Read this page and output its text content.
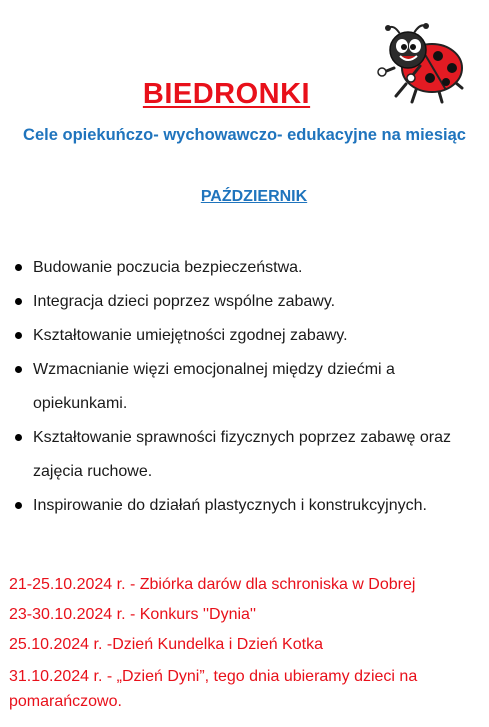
BIEDRONKI
Cele opiekuńczo- wychowawczo- edukacyjne na miesiąc
PAŹDZIERNIK
Budowanie poczucia bezpieczeństwa.
Integracja dzieci poprzez wspólne zabawy.
Kształtowanie umiejętności zgodnej zabawy.
Wzmacnianie więzi emocjonalnej między dziećmi a opiekunkami.
Kształtowanie sprawności fizycznych poprzez zabawę oraz zajęcia ruchowe.
Inspirowanie do działań plastycznych i konstrukcyjnych.
21-25.10.2024 r. - Zbiórka darów dla schroniska w Dobrej
23-30.10.2024 r. - Konkurs ''Dynia''
25.10.2024 r. -Dzień Kundelka i Dzień Kotka
31.10.2024 r. - „Dzień Dyni”, tego dnia ubieramy dzieci na pomarańczowo.
